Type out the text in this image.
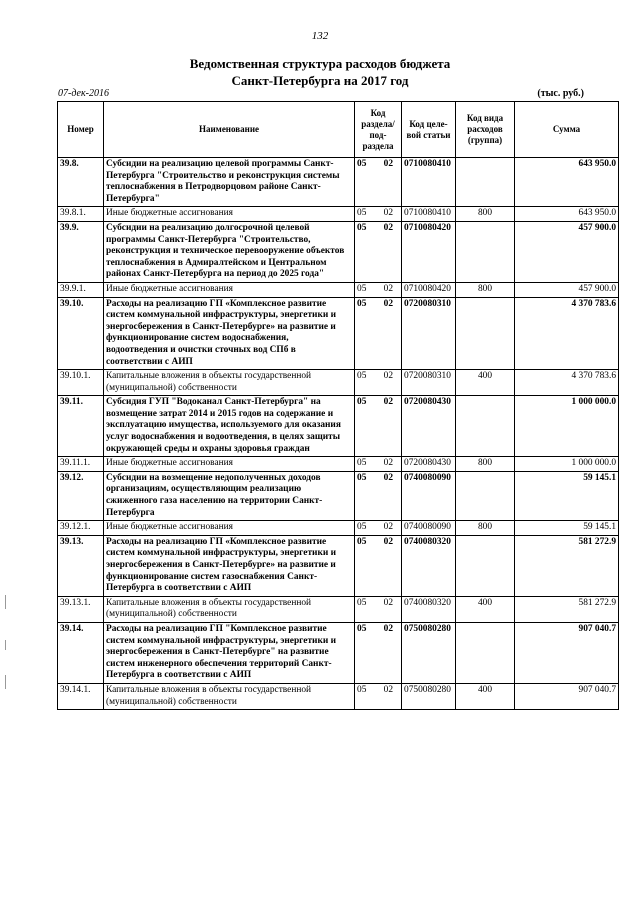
132
Ведомственная структура расходов бюджета
Санкт-Петербурга на 2017 год
07-дек-2016	(тыс. руб.)
Номер	Наименование	Код раздела/ под-раздела	Код целе-вой статьи	Код вида расходов (группа)	Сумма
39.8.	Субсидии на реализацию целевой программы Санкт-Петербурга "Строительство и реконструкция системы теплоснабжения в Петродворцовом районе Санкт-Петербурга"	05 02	0710080410		643 950.0
39.8.1.	Иные бюджетные ассигнования	05 02	0710080410	800	643 950.0
39.9.	Субсидии на реализацию долгосрочной целевой программы Санкт-Петербурга "Строительство, реконструкция и техническое перевооружение объектов теплоснабжения в Адмиралтейском и Центральном районах Санкт-Петербурга на период до 2025 года"	05 02	0710080420		457 900.0
39.9.1.	Иные бюджетные ассигнования	05 02	0710080420	800	457 900.0
39.10.	Расходы на реализацию ГП «Комплексное развитие систем коммунальной инфраструктуры, энергетики и энергосбережения в Санкт-Петербурге» на развитие и функционирование систем водоснабжения, водоотведения и очистки сточных вод СПб в соответствии с АИП	05 02	0720080310		4 370 783.6
39.10.1.	Капитальные вложения в объекты государственной (муниципальной) собственности	05 02	0720080310	400	4 370 783.6
39.11.	Субсидия ГУП "Водоканал Санкт-Петербурга" на возмещение затрат 2014 и 2015 годов на содержание и эксплуатацию имущества, используемого для оказания услуг водоснабжения и водоотведения, в целях защиты окружающей среды и охраны здоровья граждан	05 02	0720080430		1 000 000.0
39.11.1.	Иные бюджетные ассигнования	05 02	0720080430	800	1 000 000.0
39.12.	Субсидии на возмещение недополученных доходов организациям, осуществляющим реализацию сжиженного газа населению на территории Санкт-Петербурга	05 02	0740080090		59 145.1
39.12.1.	Иные бюджетные ассигнования	05 02	0740080090	800	59 145.1
39.13.	Расходы на реализацию ГП «Комплексное развитие систем коммунальной инфраструктуры, энергетики и энергосбережения в Санкт-Петербурге» на развитие и функционирование систем газоснабжения Санкт-Петербурга в соответствии с АИП	05 02	0740080320		581 272.9
39.13.1.	Капитальные вложения в объекты государственной (муниципальной) собственности	05 02	0740080320	400	581 272.9
39.14.	Расходы на реализацию ГП "Комплексное развитие систем коммунальной инфраструктуры, энергетики и энергосбережения в Санкт-Петербурге" на развитие систем инженерного обеспечения территорий Санкт-Петербурга в соответствии с АИП	05 02	0750080280		907 040.7
39.14.1.	Капитальные вложения в объекты государственной (муниципальной) собственности	05 02	0750080280	400	907 040.7
